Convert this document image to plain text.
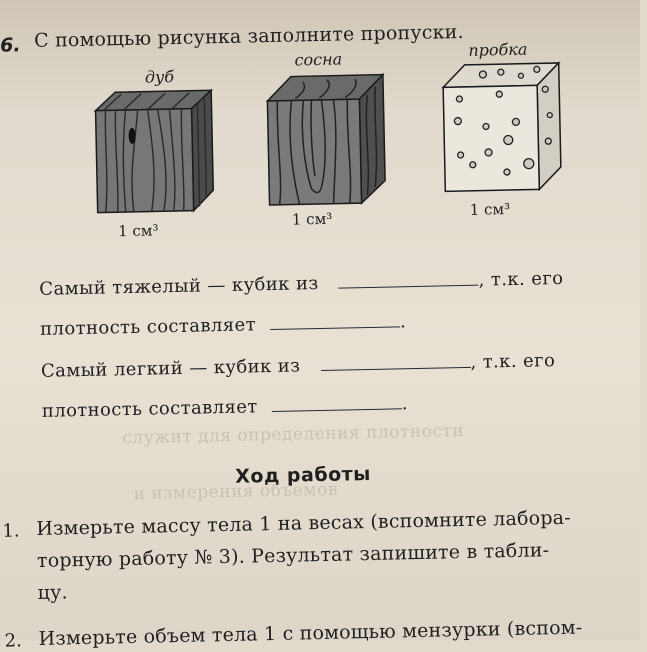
6. С помощью рисунка заполните пропуски.
дуб
сосна	пробка
1 см³
1 см³
1 см³
Самый тяжелый — кубик из	, т.к. его
плотность составляет	.
Самый легкий — кубик из	, т.к. его
плотность составляет	.
служит для определения плотности
и измерения объемов
Ход работы
1. Измерьте массу тела 1 на весах (вспомните лабора-
торную работу № 3). Результат запишите в табли-
цу.
2. Измерьте объем тела 1 с помощью мензурки (вспом-
